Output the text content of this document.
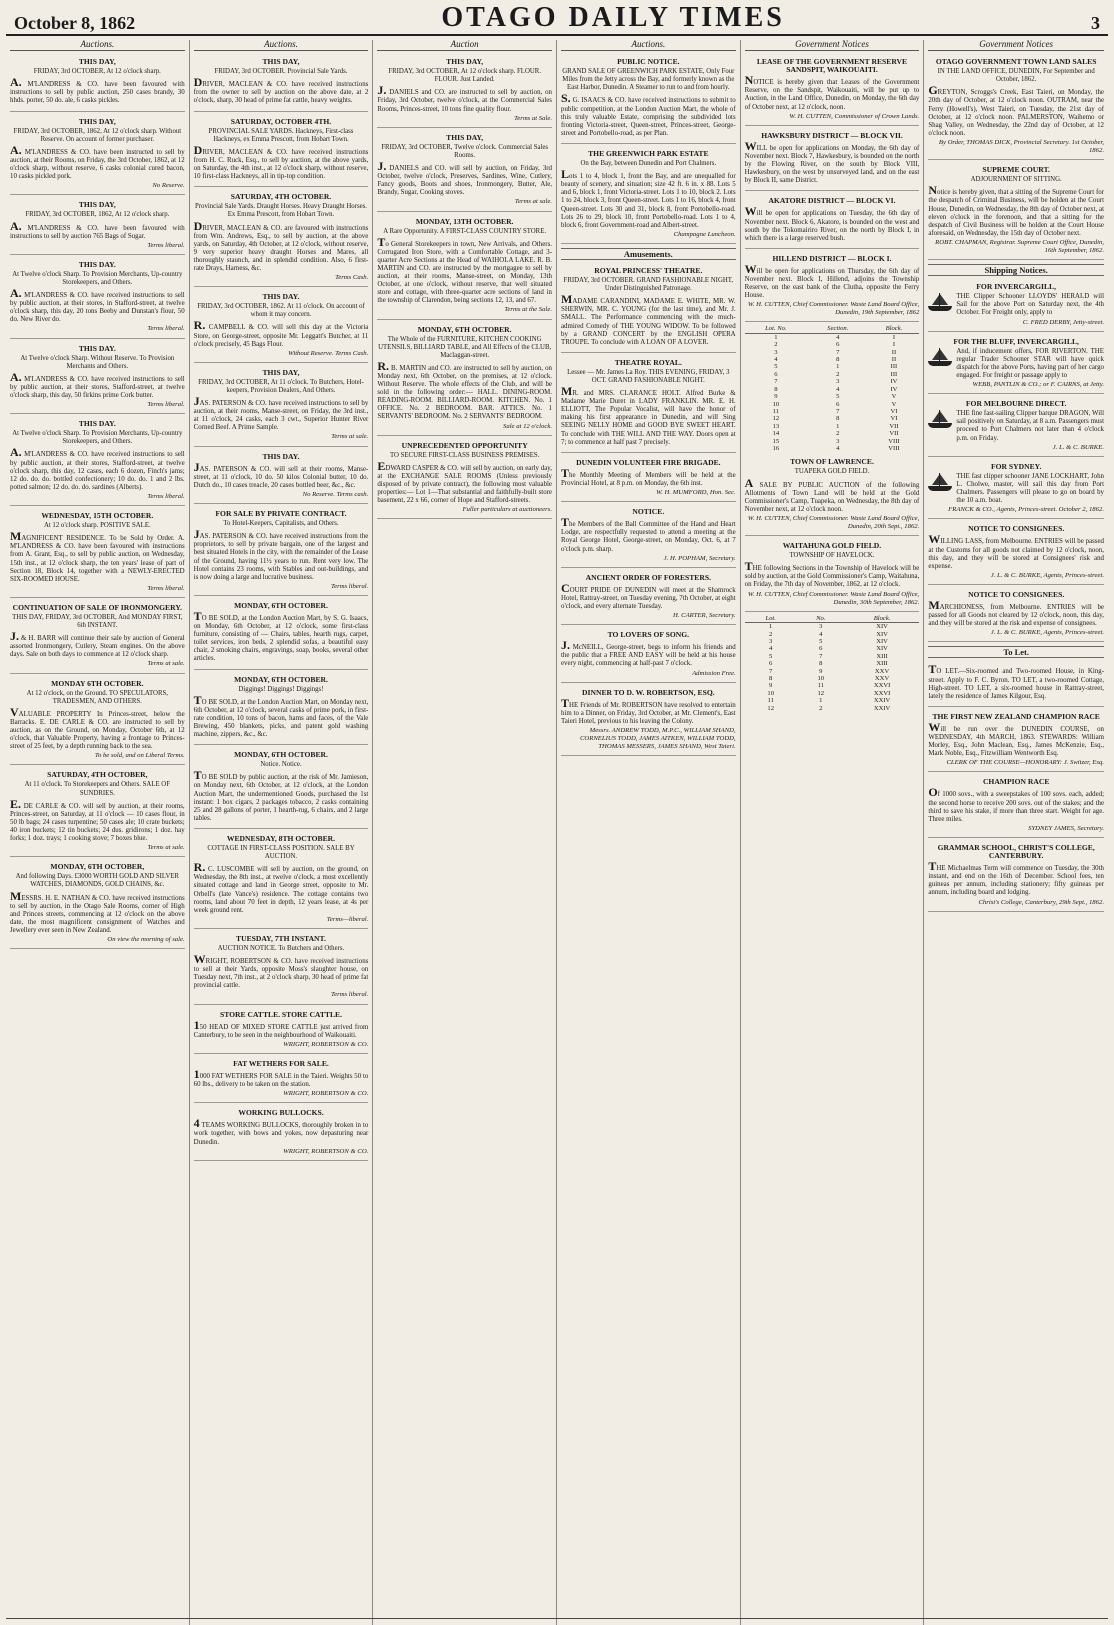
October 8, 1862	OTAGO DAILY TIMES	3
Auctions.
THIS DAY,
FRIDAY, 3rd OCTOBER, At 12 o'clock sharp.

A. M'LANDRESS & CO. have been favoured with instructions to sell by public auction, 250 cases brandy, 30 hhds. porter, 50 do. ale, 6 casks pickles.

THIS DAY,
FRIDAY, 3rd OCTOBER, 1862, At 12 o'clock sharp. Without Reserve. On account of former purchaser.

A. M'LANDRESS & CO. have been instructed to sell by auction, at their Rooms, on Friday, the 3rd October, 1862, at 12 o'clock sharp, without reserve, 6 casks colonial cured bacon, 10 casks pickled pork.

No Reserve.
THIS DAY,
FRIDAY, 3rd OCTOBER, 1862, At 12 o'clock sharp.

A. M'LANDRESS & CO. have been favoured with instructions to sell by auction 765 Bags of Sugar.

Terms liberal.
THIS DAY.
At Twelve o'clock Sharp. To Provision Merchants, Up-country Storekeepers, and Others.

A. M'LANDRESS & CO. have received instructions to sell by public auction, at their stores, in Stafford-street, at twelve o'clock sharp, this day, 20 tons Beeby and Dunstan's flour, 50 do. New River do.

Terms liberal.
THIS DAY.
At Twelve o'clock Sharp. Without Reserve. To Provision Merchants and Others.

A. M'LANDRESS & CO. have received instructions to sell by public auction, at their stores, Stafford-street, at twelve o'clock sharp, this day, 50 firkins prime Cork butter.

Terms liberal.
THIS DAY.
At Twelve o'clock Sharp. To Provision Merchants, Up-country Storekeepers, and Others.

A. M'LANDRESS & CO. have received instructions to sell by public auction, at their stores, Stafford-street, at twelve o'clock sharp, this day, 12 cases, each 6 dozen, Finch's jams; 12 do. do. do. bottled confectionery; 10 do. do. 1 and 2 lbs. potted salmon; 12 do. do. do. sardines (Alberts).

Terms liberal.
WEDNESDAY, 15TH OCTOBER.
At 12 o'clock sharp. POSITIVE SALE.

MAGNIFICENT RESIDENCE. To be Sold by Order. A. M'LANDRESS & CO. have been favoured with instructions from A. Grant, Esq., to sell by public auction, on Wednesday, 15th inst., at 12 o'clock sharp, the ten years' lease of part of Section 18, Block 14, together with a NEWLY-ERECTED SIX-ROOMED HOUSE.

Terms liberal.
CONTINUATION OF SALE OF IRONMONGERY.
THIS DAY, FRIDAY, 3rd OCTOBER, And MONDAY FIRST, 6th INSTANT.

J. & H. BARR will continue their sale by auction of General assorted Ironmongery, Cutlery, Steam engines. On the above days. Sale on both days to commence at 12 o'clock sharp.

Terms at sale.
MONDAY 6TH OCTOBER.
At 12 o'clock, on the Ground. TO SPECULATORS, TRADESMEN, AND OTHERS.

VALUABLE PROPERTY In Princes-street, below the Barracks. E. DE CARLE & CO. are instructed to sell by auction, as on the Ground, on Monday, October 6th, at 12 o'clock, that Valuable Property, having a frontage to Princes-street of 25 feet, by a depth running back to the sea.

To be sold, and on Liberal Terms.
SATURDAY, 4TH OCTOBER,
At 11 o'clock. To Storekeepers and Others. SALE OF SUNDRIES.

E. DE CARLE & CO. will sell by auction, at their rooms, Princes-street, on Saturday, at 11 o'clock — 10 cases flour, in 50 lb bags; 24 cases turpentine; 50 cases ale; 10 crate buckets; 40 iron buckets; 12 tin buckets; 24 dus. gridirons; 1 doz. hay forks; 1 doz. trays; 1 cooking stove; 7 boxes blue.

Terms at sale.
MONDAY, 6TH OCTOBER,
And following Days. £3000 WORTH GOLD AND SILVER WATCHES, DIAMONDS, GOLD CHAINS, &c.

MESSRS. H. E. NATHAN & CO. have received instructions to sell by auction, in the Otago Sale Rooms, corner of High and Princes streets, commencing at 12 o'clock on the above date, the most magnificent consignment of Watches and Jewellery ever seen in New Zealand.

On view the morning of sale.
Auctions.
THIS DAY,
FRIDAY, 3rd OCTOBER. Provincial Sale Yards.

DRIVER, MACLEAN & CO. have received instructions from the owner to sell by auction on the above date, at 2 o'clock, sharp, 30 head of prime fat cattle, heavy weights.

SATURDAY, OCTOBER 4TH.
PROVINCIAL SALE YARDS. Hackneys, First-class Hackneys, ex Emma Prescott, from Hobart Town.

DRIVER, MACLEAN & CO. have received instructions from H. C. Ruck, Esq., to sell by auction, at the above yards, on Saturday, the 4th inst., at 12 o'clock sharp, without reserve, 10 first-class Hackneys, all in tip-top condition.

SATURDAY, 4TH OCTOBER.
Provincial Sale Yards. Draught Horses. Heavy Draught Horses. Ex Emma Prescott, from Hobart Town.

DRIVER, MACLEAN & CO. are favoured with instructions from Wm. Andrews, Esq., to sell by auction, at the above yards, on Saturday, 4th October, at 12 o'clock, without reserve, 9 very superior heavy draught Horses and Mares, all thoroughly staunch, and in splendid condition. Also, 6 first-rate Drays, Harness, &c.

Terms Cash.
THIS DAY.
FRIDAY, 3rd OCTOBER, 1862. At 11 o'clock. On account of whom it may concern.

R. CAMPBELL & CO. will sell this day at the Victoria Store, on George-street, opposite Mr. Leggatt's Butcher, at 11 o'clock precisely, 45 Bags Flour.

Without Reserve. Terms Cash.
THIS DAY,
FRIDAY, 3rd OCTOBER, At 11 o'clock. To Butchers, Hotel-keepers, Provision Dealers, And Others.

JAS. PATERSON & CO. have received instructions to sell by auction, at their rooms, Manse-street, on Friday, the 3rd inst., at 11 o'clock, 24 casks, each 3 cwt., Superior Hunter River Corned Beef. A Prime Sample.

Terms at sale.
THIS DAY.

JAS. PATERSON & CO. will sell at their rooms, Manse-street, at 11 o'clock, 10 do. 50 kilos Colonial butter, 10 do. Dutch do., 10 cases treacle, 20 cases bottled beer, &c., &c.

No Reserve. Terms cash.
FOR SALE BY PRIVATE CONTRACT.
To Hotel-Keepers, Capitalists, and Others.

JAS. PATERSON & CO. have received instructions from the proprietors, to sell by private bargain, one of the largest and best situated Hotels in the city, with the remainder of the Lease of the Ground, having 11½ years to run. Rent very low. The Hotel contains 23 rooms, with Stables and out-buildings, and is now doing a large and lucrative business.

Terms liberal.
MONDAY, 6TH OCTOBER.

TO BE SOLD, at the London Auction Mart, by S. G. Isaacs, on Monday, 6th October, at 12 o'clock, some first-class furniture, consisting of — Chairs, tables, hearth rugs, carpet, toilet services, iron beds, 2 splendid sofas, a beautiful easy chair, 2 smoking chairs, engravings, soap, books, several other articles.

MONDAY, 6TH OCTOBER.
Diggings! Diggings! Diggings!

TO BE SOLD, at the London Auction Mart, on Monday next, 6th October, at 12 o'clock, several casks of prime pork, in first-rate condition, 10 tons of bacon, hams and faces, of the Vale Brewing, 450 blankets, picks, and patent gold washing machine, zippers, &c., &c.

MONDAY, 6TH OCTOBER.
Notice. Notice.

TO BE SOLD by public auction, at the risk of Mr. Jamieson, on Monday next, 6th October, at 12 o'clock, at the London Auction Mart, the undermentioned Goods, purchased the 1st instant: 1 box cigars, 2 packages tobacco, 2 casks containing 25 and 28 gallons of porter, 1 hearth-rug, 6 chairs, and 2 large tables.

WEDNESDAY, 8TH OCTOBER.
COTTAGE IN FIRST-CLASS POSITION. SALE BY AUCTION.

R. C. LUSCOMBE will sell by auction, on the ground, on Wednesday, the 8th inst., at twelve o'clock, a most excellently situated cottage and land in George street, opposite to Mr. Orbell's (late Vance's) residence. The cottage contains two rooms, land about 70 feet in depth, 12 years lease, at 4s per week ground rent.

Terms—liberal.
TUESDAY, 7TH INSTANT.
AUCTION NOTICE. To Butchers and Others.

WRIGHT, ROBERTSON & CO. have received instructions to sell at their Yards, opposite Moss's slaughter house, on Tuesday next, 7th inst., at 2 o'clock sharp, 30 head of prime fat provincial cattle.

Terms liberal.
STORE CATTLE. STORE CATTLE.

150 HEAD OF MIXED STORE CATTLE just arrived from Canterbury, to be seen in the neighbourhood of Waikouaiti.

WRIGHT, ROBERTSON & CO.
FAT WETHERS FOR SALE.

1000 FAT WETHERS FOR SALE in the Taieri. Weights 50 to 60 lbs., delivery to be taken on the station.

WRIGHT, ROBERTSON & CO.
WORKING BULLOCKS.

4 TEAMS WORKING BULLOCKS, thoroughly broken in to work together, with bows and yokes, now depasturing near Dunedin.

WRIGHT, ROBERTSON & CO.
Auction
THIS DAY,
FRIDAY, 3rd OCTOBER, At 12 o'clock sharp. FLOUR. FLOUR. Just Landed.

J. DANIELS and CO. are instructed to sell by auction, on Friday, 3rd October, twelve o'clock, at the Commercial Sales Rooms, Princes-street, 10 tons fine quality flour.

Terms at Sale.
THIS DAY,
FRIDAY, 3rd OCTOBER, Twelve o'clock. Commercial Sales Rooms.

J. DANIELS and CO. will sell by auction, on Friday, 3rd October, twelve o'clock, Preserves, Sardines, Wine, Cutlery, Fancy goods, Boots and shoes, Ironmongery, Butter, Ale, Brandy, Sugar, Cooking stoves.

Terms at sale.
MONDAY, 13TH OCTOBER.
A Rare Opportunity. A FIRST-CLASS COUNTRY STORE.

To General Storekeepers in town, New Arrivals, and Others. Corrugated Iron Store, with a Comfortable Cottage, and 3-quarter Acre Sections at the Head of WAIHOLA LAKE. R. B. MARTIN and CO. are instructed by the mortgagee to sell by auction, at their rooms, Manse-street, on Monday, 13th October, at one o'clock, without reserve, that well situated store and cottage, with three-quarter acre sections of land in the township of Clarendon, being sections 12, 13, and 67.

Terms at the Sale.
MONDAY, 6TH OCTOBER.
The Whole of the FURNITURE, KITCHEN COOKING UTENSILS, BILLIARD TABLE, and All Effects of the CLUB, Maclaggan-street.

R. B. MARTIN and CO. are instructed to sell by auction, on Monday next, 6th October, on the premises, at 12 o'clock. Without Reserve. The whole effects of the Club, and will be sold in the following order:— HALL. DINING-ROOM. READING-ROOM. BILLIARD-ROOM. KITCHEN. No. 1 OFFICE. No. 2 BEDROOM. BAR. ATTICS. No. 1 SERVANTS' BEDROOM. No. 2 SERVANTS' BEDROOM.

Sale at 12 o'clock.
UNPRECEDENTED OPPORTUNITY
TO SECURE FIRST-CLASS BUSINESS PREMISES.

EDWARD CASPER & CO. will sell by auction, on early day, at the EXCHANGE SALE ROOMS (Unless previously disposed of by private contract), the following most valuable properties:— Lot 1—That substantial and faithfully-built store basement, 22 x 66, corner of Hope and Stafford-streets.

Fuller particulars at auctioneers.
Auctions.
PUBLIC NOTICE.
GRAND SALE OF GREENWICH PARK ESTATE, Only Four Miles from the Jetty across the Bay, and formerly known as the East Harbor, Dunedin. A Steamer to run to and from hourly.

S. G. ISAACS & CO. have received instructions to submit to public competition, at the London Auction Mart, the whole of this truly valuable Estate, comprising the subdivided lots fronting Victoria-street, Queen-street, Princes-street, George-street and Portobello-road, as per Plan.

THE GREENWICH PARK ESTATE
On the Bay, between Dunedin and Port Chalmers.

Lots 1 to 4, block 1, front the Bay, and are unequalled for beauty of scenery, and situation; size 42 ft. 6 in. x 88. Lots 5 and 6, block 1, front Victoria-street. Lots 1 to 10, block 2. Lots 1 to 24, block 3, front Queen-street. Lots 1 to 16, block 4, front Queen-street. Lots 30 and 31, block 8, front Portobello-road. Lots 26 to 29, block 10, front Portobello-road. Lots 1 to 4, block 6, front Government-road and Albert-street.

Champagne Luncheon.
Amusements.
ROYAL PRINCESS' THEATRE.
FRIDAY, 3rd OCTOBER. GRAND FASHIONABLE NIGHT, Under Distinguished Patronage.

MADAME CARANDINI, MADAME E. WHITE, MR. W. SHERWIN, MR. C. YOUNG (for the last time), and Mr. J. SMALL. The Performance commencing with the much-admired Comedy of THE YOUNG WIDOW. To be followed by a GRAND CONCERT by the ENGLISH OPERA TROUPE. To conclude with A LOAN OF A LOVER.

THEATRE ROYAL.
Lessee — Mr. James La Roy. THIS EVENING, FRIDAY, 3 OCT. GRAND FASHIONABLE NIGHT.

MR. and MRS. CLARANCE HOLT. Alfred Burke & Madame Marie Duret in LADY FRANKLIN. MR. E. H. ELLIOTT, The Popular Vocalist, will have the honor of making his first appearance in Dunedin, and will Sing SEEING NELLY HOME and GOOD BYE SWEET HEART. To conclude with THE WILL AND THE WAY. Doors open at 7; to commence at half past 7 precisely.

DUNEDIN VOLUNTEER FIRE BRIGADE.

The Monthly Meeting of Members will be held at the Provincial Hotel, at 8 p.m. on Monday, the 6th inst.

W. H. MUMFORD, Hon. Sec.
NOTICE.

The Members of the Ball Committee of the Hand and Heart Lodge, are respectfully requested to attend a meeting at the Royal George Hotel, George-street, on Monday, Oct. 6, at 7 o'clock p.m. sharp.

J. H. POPHAM, Secretary.
ANCIENT ORDER OF FORESTERS.

COURT PRIDE OF DUNEDIN will meet at the Shamrock Hotel, Rattray-street, on Tuesday evening, 7th October, at eight o'clock, and every alternate Tuesday.

H. CARTER, Secretary.
TO LOVERS OF SONG.

J. McNEILL, George-street, begs to inform his friends and the public that a FREE AND EASY will be held at his house every night, commencing at half-past 7 o'clock.

Admission Free.
DINNER TO D. W. ROBERTSON, ESQ.

THE Friends of Mr. ROBERTSON have resolved to entertain him to a Dinner, on Friday, 3rd October, at Mr. Clement's, East Taieri Hotel, previous to his leaving the Colony.

Messrs. ANDREW TODD, M.P.C., WILLIAM SHAND, CORNELIUS TODD, JAMES AITKEN, WILLIAM TODD, THOMAS MESSERS, JAMES SHAND, West Taieri.
Government Notices
LEASE OF THE GOVERNMENT RESERVE SANDSPIT, WAIKOUAITI.

NOTICE is hereby given that Leases of the Government Reserve, on the Sandspit, Waikouaiti, will be put up to Auction, in the Land Office, Dunedin, on Monday, the 6th day of October next, at 12 o'clock, noon.

W. H. CUTTEN, Commissioner of Crown Lands.
HAWKSBURY DISTRICT — BLOCK VII.

WILL be open for applications on Monday, the 6th day of November next. Block 7, Hawkesbury, is bounded on the north by the Flowing River, on the south by Block VIII, Hawkesbury, on the west by unsurveyed land, and on the east by Block II, same District.

AKATORE DISTRICT — BLOCK VI.

Will be open for applications on Tuesday, the 6th day of November next. Block 6, Akatore, is bounded on the west and south by the Tokomairiro River, on the north by Block I, in which there is a large reserved bush.

HILLEND DISTRICT — BLOCK I.

Will be open for applications on Thursday, the 6th day of November next. Block I, Hillend, adjoins the Township Reserve, on the east bank of the Clutha, opposite the Ferry House.

W. H. CUTTEN, Chief Commissioner. Waste Land Board Office, Dunedin, 19th September, 1862
Lot. No.	Section.	Block.
1	4	I
2	6	I
3	7	II
4	8	II
5	1	III
6	2	III
7	3	IV
8	4	IV
9	5	V
10	6	V
11	7	VI
12	8	VI
13	1	VII
14	2	VII
15	3	VIII
16	4	VIII
TOWN OF LAWRENCE.
TUAPEKA GOLD FIELD.

A SALE BY PUBLIC AUCTION of the following Allotments of Town Land will be held at the Gold Commissioner's Camp, Tuapeka, on Wednesday, the 8th day of November next, at 12 o'clock noon.

W. H. CUTTEN, Chief Commissioner. Waste Land Board Office, Dunedin, 20th Sept., 1862.
WAITAHUNA GOLD FIELD.
TOWNSHIP OF HAVELOCK.

THE following Sections in the Township of Havelock will be sold by auction, at the Gold Commissioner's Camp, Waitahuna, on Friday, the 7th day of November, 1862, at 12 o'clock.

W. H. CUTTEN, Chief Commissioner. Waste Land Board Office, Dunedin, 30th September, 1862.
Lot.	No.	Block.
1	3	XIV
2	4	XIV
3	5	XIV
4	6	XIV
5	7	XIII
6	8	XIII
7	9	XXV
8	10	XXV
9	11	XXVI
10	12	XXVI
11	1	XXIV
12	2	XXIV
Government Notices
OTAGO GOVERNMENT TOWN LAND SALES
IN THE LAND OFFICE, DUNEDIN, For September and October, 1862.

GREYTON, Scroggs's Creek, East Taieri, on Monday, the 20th day of October, at 12 o'clock noon. OUTRAM, near the Ferry (Howell's), West Taieri, on Tuesday, the 21st day of October, at 12 o'clock noon. PALMERSTON, Waihemo or Shag Valley, on Wednesday, the 22nd day of October, at 12 o'clock noon.

By Order, THOMAS DICK, Provincial Secretary. 1st October, 1862.
SUPREME COURT.
ADJOURNMENT OF SITTING.

Notice is hereby given, that a sitting of the Supreme Court for the despatch of Criminal Business, will be holden at the Court House, Dunedin, on Wednesday, the 8th day of October next, at eleven o'clock in the forenoon, and that a sitting for the despatch of Civil Business will be holden at the Court House aforesaid, on Wednesday, the 15th day of October next.

ROBT. CHAPMAN, Registrar. Supreme Court Office, Dunedin, 16th September, 1862.
Shipping Notices.
FOR INVERCARGILL,
THE Clipper Schooner LLOYDS' HERALD will Sail for the above Port on Saturday next, the 4th October. For Freight only, apply to
C. FRED DERBY, Jetty-street.
FOR THE BLUFF, INVERCARGILL,
And, if inducement offers, FOR RIVERTON. THE regular Trader Schooner STAR will have quick dispatch for the above Ports, having part of her cargo engaged. For freight or passage apply to
WEBB, PANTLIN & CO.; or F. CAIRNS, at Jetty.
FOR MELBOURNE DIRECT.
THE fine fast-sailing Clipper barque DRAGON, Will sail positively on Saturday, at 8 a.m. Passengers must proceed to Port Chalmers not later than 4 o'clock p.m. on Friday.
J. L. & C. BURKE.
FOR SYDNEY.
THE fast clipper schooner JANE LOCKHART, John L. Cholwe, master, will sail this day from Port Chalmers. Passengers will please to go on board by the 10 a.m. boat.
FRANCK & CO., Agents, Princes-street. October 2, 1862.
NOTICE TO CONSIGNEES.

WILLING LASS, from Melbourne. ENTRIES will be passed at the Customs for all goods not claimed by 12 o'clock, noon, this day, and they will be stored at Consignees' risk and expense.

J. L. & C. BURKE, Agents, Princes-street.
NOTICE TO CONSIGNEES.

MARCHIONESS, from Melbourne. ENTRIES will be passed for all Goods not cleared by 12 o'clock, noon, this day, and they will be stored at the risk and expense of consignees.

J. L. & C. BURKE, Agents, Princes-street.
To Let.

TO LET.—Six-roomed and Two-roomed House, in King-street. Apply to F. C. Byron. TO LET, a two-roomed Cottage, High-street. TO LET, a six-roomed house in Rattray-street, lately the residence of James Kilgour, Esq.

THE FIRST NEW ZEALAND CHAMPION RACE

Will be run over the DUNEDIN COURSE, on WEDNESDAY, 4th MARCH, 1863. STEWARDS: William Morley, Esq., John Maclean, Esq., James McKenzie, Esq., Mark Noble, Esq., Fitzwilliam Wentworth Esq.

CLERK OF THE COURSE—HONORARY: J. Switzer, Esq.
CHAMPION RACE

Of 1000 sovs., with a sweepstakes of 100 sovs. each, added; the second horse to receive 200 sovs. out of the stakes; and the third to save his stake, if more than three start. Weight for age. Three miles.

SYDNEY JAMES, Secretary.
GRAMMAR SCHOOL, CHRIST'S COLLEGE, CANTERBURY.

THE Michaelmas Term will commence on Tuesday, the 30th instant, and end on the 16th of December. School fees, ten guineas per annum, including stationery; fifty guineas per annum, including board and lodging.

Christ's College, Canterbury, 29th Sept., 1862.
